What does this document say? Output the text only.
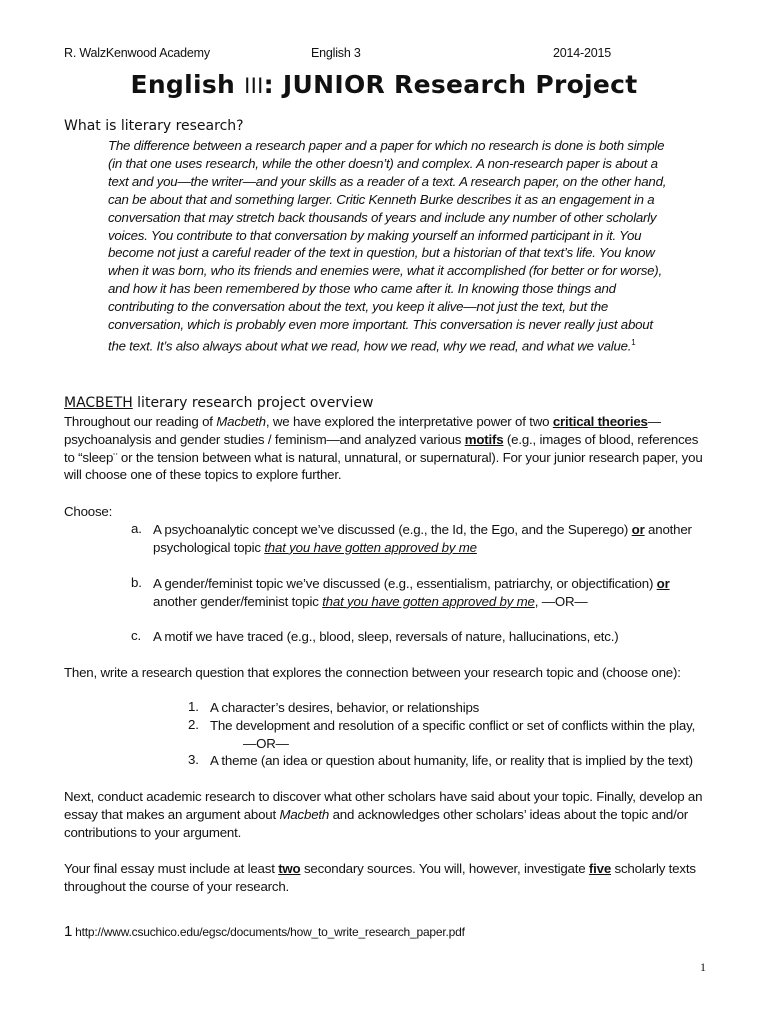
R. WalzKenwood Academy	English 3	2014-2015
English III: JUNIOR Research Project
What is literary research?

The difference between a research paper and a paper for which no research is done is both simple (in that one uses research, while the other doesn’t) and complex. A non-research paper is about a text and you—the writer—and your skills as a reader of a text. A research paper, on the other hand, can be about that and something larger. Critic Kenneth Burke describes it as an engagement in a conversation that may stretch back thousands of years and include any number of other scholarly voices. You contribute to that conversation by making yourself an informed participant in it. You become not just a careful reader of the text in question, but a historian of that text’s life. You know when it was born, who its friends and enemies were, what it accomplished (for better or for worse), and how it has been remembered by those who came after it. In knowing those things and contributing to the conversation about the text, you keep it alive—not just the text, but the conversation, which is probably even more important. This conversation is never really just about the text. It’s also always about what we read, how we read, why we read, and what we value.$^1$

MACBETH literary research project overview

Throughout our reading of Macbeth, we have explored the interpretative power of two critical theories—psychoanalysis and gender studies / feminism—and analyzed various motifs (e.g., images of blood, references to “sleep¨ or the tension between what is natural, unnatural, or supernatural). For your junior research paper, you will choose one of these topics to explore further.

Choose:

a. A psychoanalytic concept we’ve discussed (e.g., the Id, the Ego, and the Superego) or another psychological topic that you have gotten approved by me

b. A gender/feminist topic we’ve discussed (e.g., essentialism, patriarchy, or objectification) or another gender/feminist topic that you have gotten approved by me, —OR—

c. A motif we have traced (e.g., blood, sleep, reversals of nature, hallucinations, etc.)

Then, write a research question that explores the connection between your research topic and (choose one):

1. A character’s desires, behavior, or relationships

2. The development and resolution of a specific conflict or set of conflicts within the play,

—OR—

3. A theme (an idea or question about humanity, life, or reality that is implied by the text)

Next, conduct academic research to discover what other scholars have said about your topic. Finally, develop an essay that makes an argument about Macbeth and acknowledges other scholars’ ideas about the topic and/or contributions to your argument.

Your final essay must include at least two secondary sources. You will, however, investigate five scholarly texts throughout the course of your research.

1 http://www.csuchico.edu/egsc/documents/how_to_write_research_paper.pdf
1
